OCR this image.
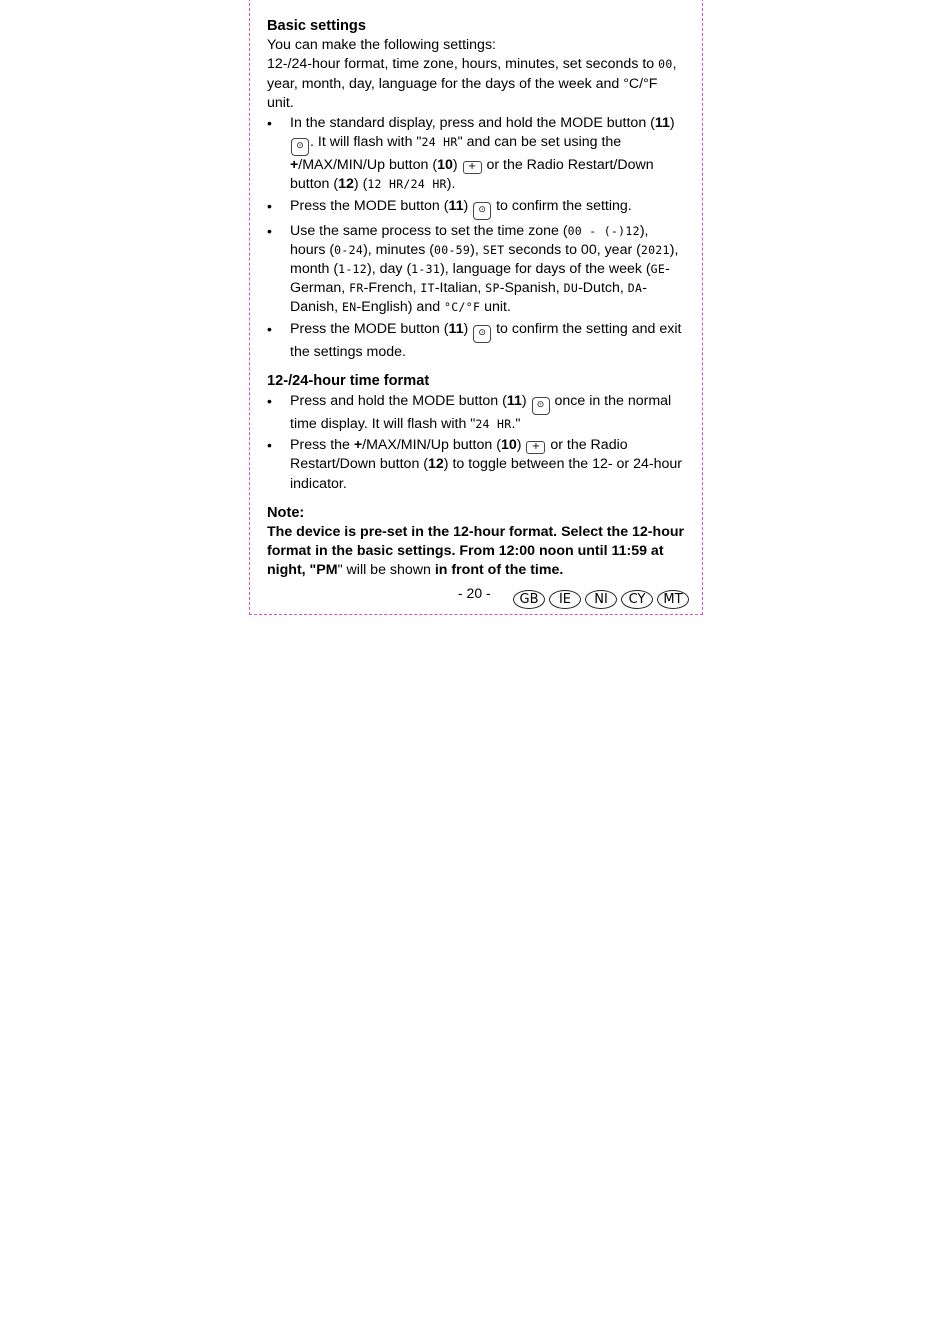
Basic settings

You can make the following settings:

12-/24-hour format, time zone, hours, minutes, set seconds to 00, year, month, day, language for the days of the week and °C/°F unit.

• In the standard display, press and hold the MODE button (11) ⊙ . It will flash with "24 HR" and can be set using the +/MAX/MIN/Up button (10) + or the Radio Restart/Down button (12) (12 HR/24 HR).
• Press the MODE button (11) ⊙ to confirm the setting.
• Use the same process to set the time zone (00 - (-)12), hours (0-24), minutes (00-59), SET seconds to 00, year (2021), month (1-12), day (1-31), language for days of the week (GE-German, FR-French, IT-Italian, SP-Spanish, DU-Dutch, DA-Danish, EN-English) and °C/°F unit.
• Press the MODE button (11) ⊙ to confirm the setting and exit the settings mode.
12-/24-hour time format
• Press and hold the MODE button (11) ⊙ once in the normal time display. It will flash with "24 HR."
• Press the +/MAX/MIN/Up button (10) + or the Radio Restart/Down button (12) to toggle between the 12- or 24-hour indicator.
Note:

The device is pre-set in the 12-hour format. Select the 12-hour format in the basic settings. From 12:00 noon until 11:59 at night, "PM" will be shown in front of the time.

- 20 -	GB	IE	NI	CY	MT
